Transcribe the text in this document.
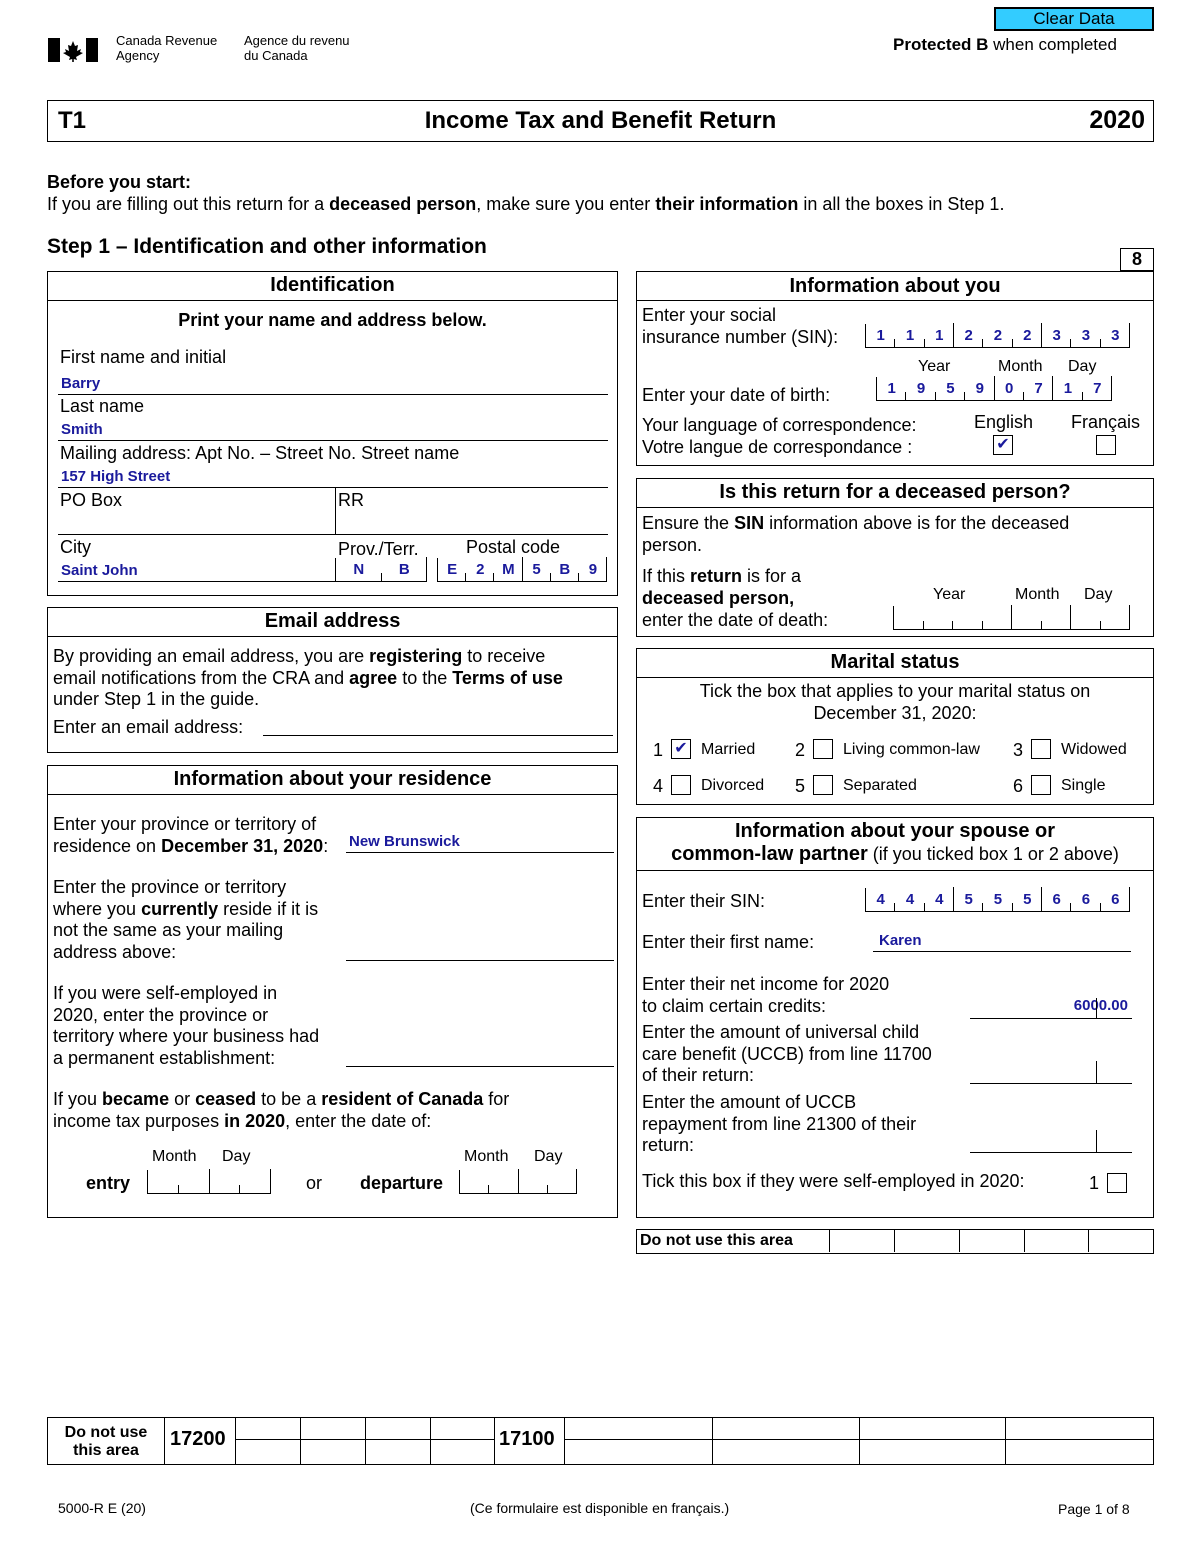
Canada Revenue
Agency
Agence du revenu
du Canada
Clear Data
Protected B when completed
T1	Income Tax and Benefit Return	2020
Before you start:
If you are filling out this return for a deceased person, make sure you enter their information in all the boxes in Step 1.
Step 1 – Identification and other information
8
Identification
Print your name and address below.
First name and initial
Barry
Last name
Smith
Mailing address: Apt No. – Street No. Street name
157 High Street
PO Box	RR
City	Prov./Terr.	Postal code
Saint John	N	B	E	2	M	5	B	9
Email address
By providing an email address, you are registering to receive
email notifications from the CRA and agree to the Terms of use
under Step 1 in the guide.
Enter an email address:
Information about your residence
Enter your province or territory of
residence on December 31, 2020: New Brunswick
Enter the province or territory
where you currently reside if it is
not the same as your mailing
address above:
If you were self-employed in
2020, enter the province or
territory where your business had
a permanent establishment:
If you became or ceased to be a resident of Canada for
income tax purposes in 2020, enter the date of:
Month Day
entry	or
Month Day
departure
Information about you
Enter your social
insurance number (SIN):	1	1	1	2	2	2	3	3	3
Year	Month Day
Enter your date of birth:	1	9	5	9	0	7	1	7
Your language of correspondence:
Votre langue de correspondance :
English Français
✔
Is this return for a deceased person?
Ensure the SIN information above is for the deceased
person.
If this return is for a
deceased person,
enter the date of death:
Year	Month Day
Marital status
Tick the box that applies to your marital status on
December 31, 2020:
1 ✔ Married 2 Living common-law 3 Widowed
4 Divorced 5 Separated	6 Single
Information about your spouse or
common-law partner (if you ticked box 1 or 2 above)
Enter their SIN:	4	4	4	5	5	5	6	6	6
Enter their first name:	Karen
Enter their net income for 2020
to claim certain credits:	6000.00
Enter the amount of universal child
care benefit (UCCB) from line 11700
of their return:
Enter the amount of UCCB
repayment from line 21300 of their
return:
Tick this box if they were self-employed in 2020:	1
Do not use this area
Do not use
this area
17200	17100
5000-R E (20)	(Ce formulaire est disponible en français.)	Page 1 of 8
